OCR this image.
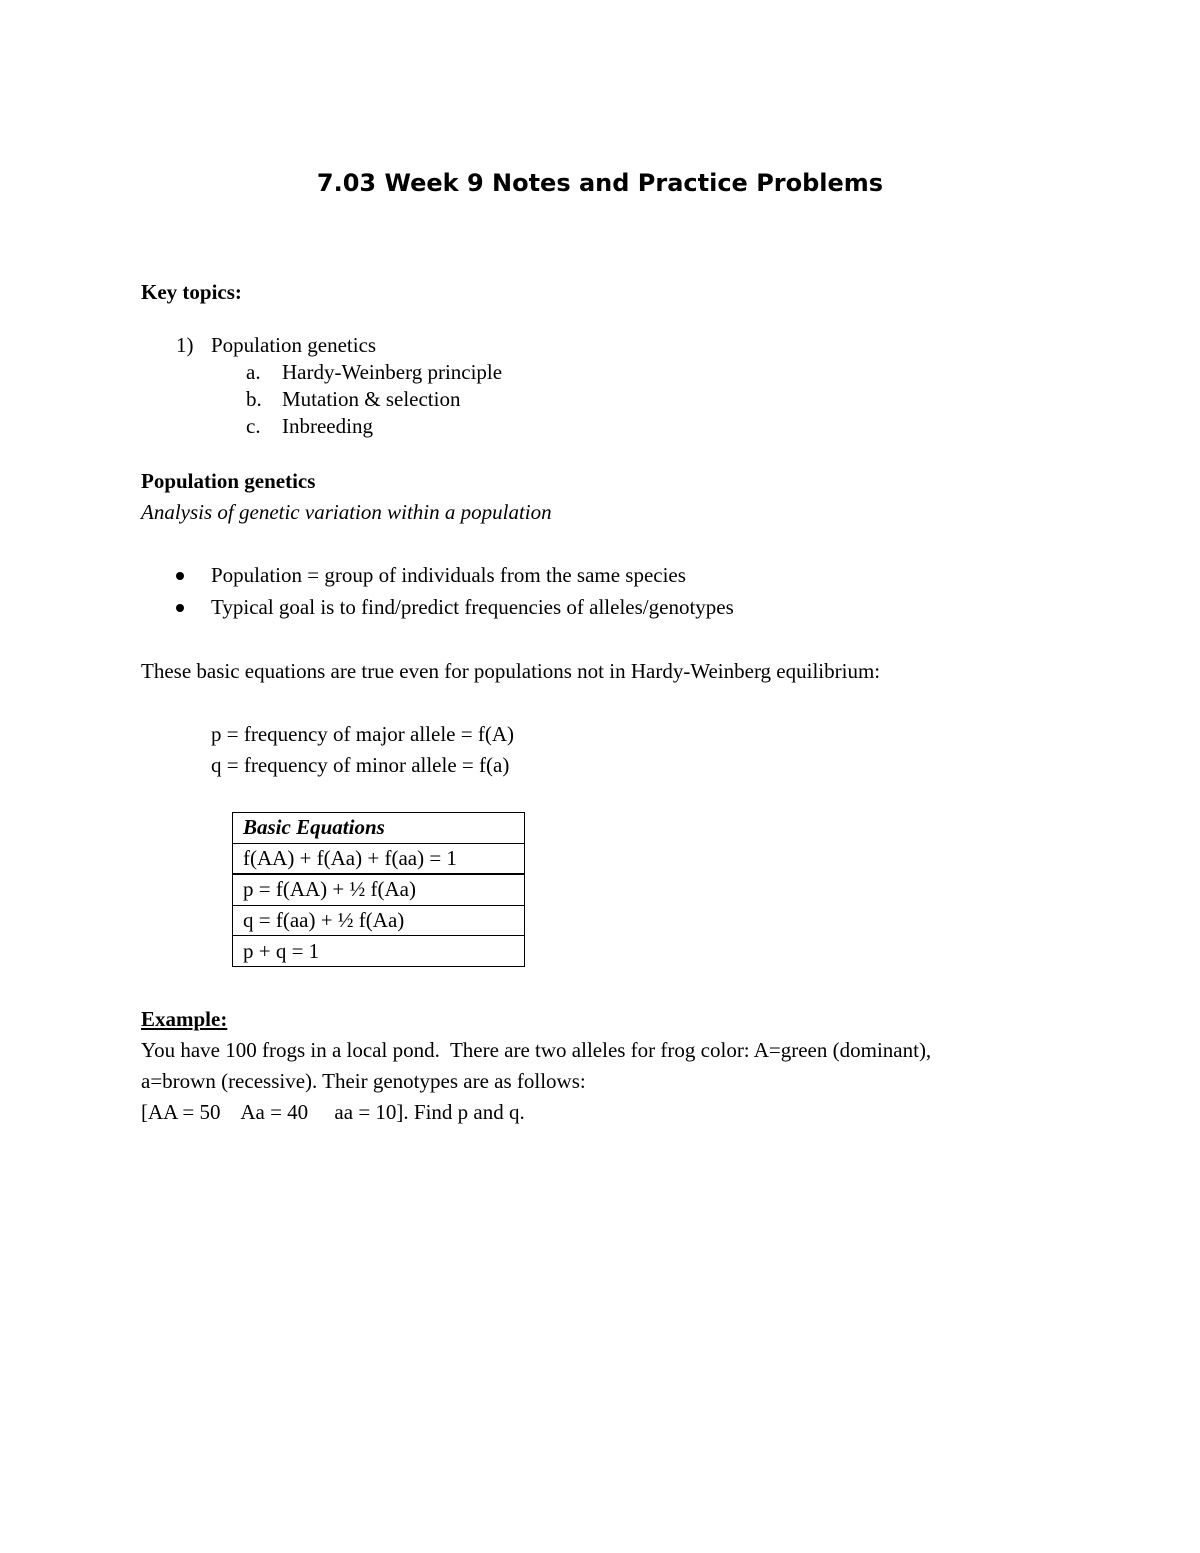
7.03 Week 9 Notes and Practice Problems
Key topics:
1) Population genetics
a. Hardy-Weinberg principle
b. Mutation & selection
c. Inbreeding
Population genetics
Analysis of genetic variation within a population
Population = group of individuals from the same species
Typical goal is to find/predict frequencies of alleles/genotypes
These basic equations are true even for populations not in Hardy-Weinberg equilibrium:
p = frequency of major allele = f(A)
q = frequency of minor allele = f(a)
Basic Equations
f(AA) + f(Aa) + f(aa) = 1
p = f(AA) + ½ f(Aa)
q = f(aa) + ½ f(Aa)
p + q = 1
Example:
You have 100 frogs in a local pond.  There are two alleles for frog color: A=green (dominant),
a=brown (recessive). Their genotypes are as follows:
[AA = 50    Aa = 40     aa = 10]. Find p and q.
